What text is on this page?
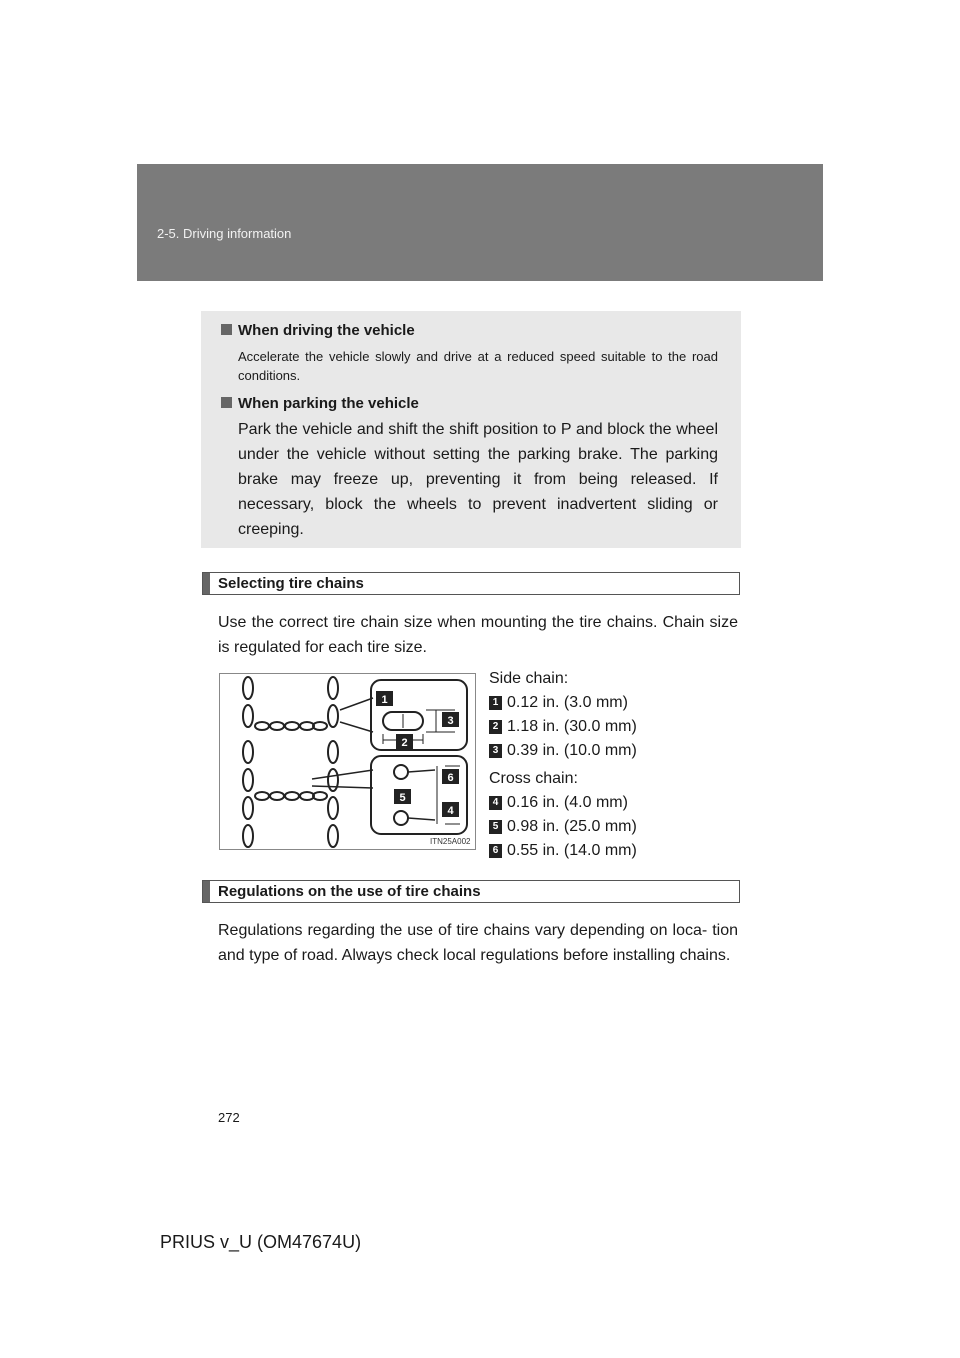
2-5. Driving information
When driving the vehicle
Accelerate the vehicle slowly and drive at a reduced speed suitable to the road conditions.
When parking the vehicle
Park the vehicle and shift the shift position to P and block the wheel under the vehicle without setting the parking brake. The parking brake may freeze up, preventing it from being released. If necessary, block the wheels to prevent inadvertent sliding or creeping.
Selecting tire chains
Use the correct tire chain size when mounting the tire chains. Chain size is regulated for each tire size.
1
2
3
4
5
6
ITN25A002
Side chain:
1 0.12 in. (3.0 mm)
2 1.18 in. (30.0 mm)
3 0.39 in. (10.0 mm)
Cross chain:
4 0.16 in. (4.0 mm)
5 0.98 in. (25.0 mm)
6 0.55 in. (14.0 mm)
Regulations on the use of tire chains
Regulations regarding the use of tire chains vary depending on loca- tion and type of road. Always check local regulations before installing chains.
272
PRIUS v_U (OM47674U)
